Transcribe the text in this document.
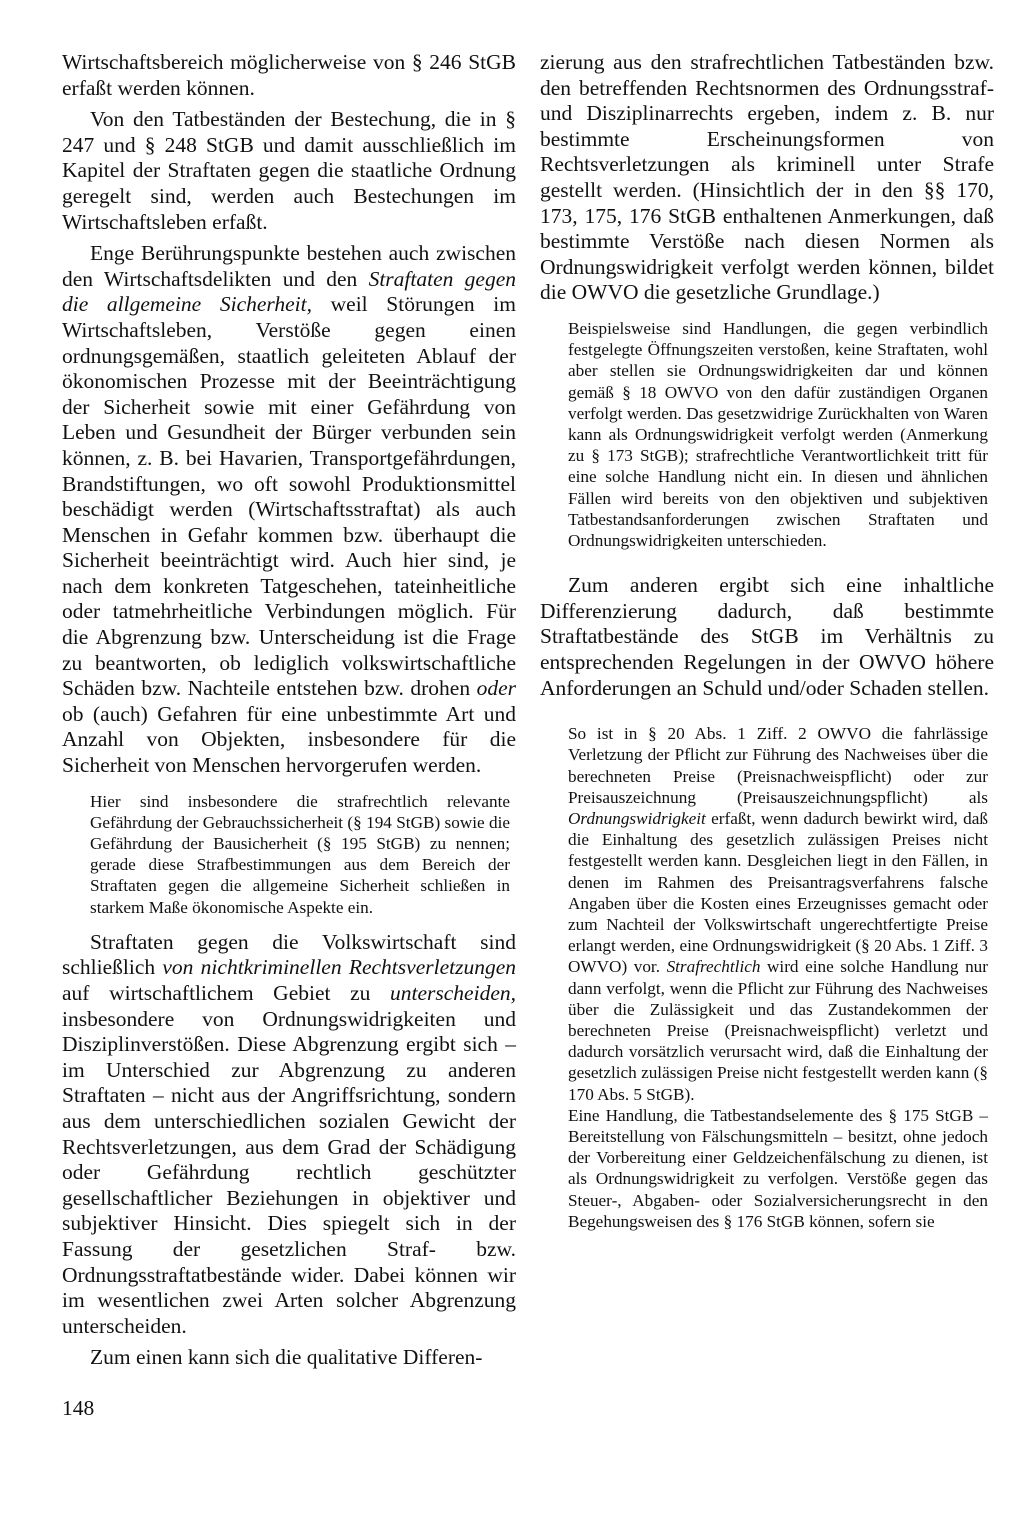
Wirtschaftsbereich möglicherweise von § 246 StGB erfaßt werden können.

Von den Tatbeständen der Bestechung, die in § 247 und § 248 StGB und damit ausschließlich im Kapitel der Straftaten gegen die staatliche Ordnung geregelt sind, werden auch Bestechungen im Wirtschaftsleben erfaßt.

Enge Berührungspunkte bestehen auch zwischen den Wirtschaftsdelikten und den Straftaten gegen die allgemeine Sicherheit, weil Störungen im Wirtschaftsleben, Verstöße gegen einen ordnungsgemäßen, staatlich geleiteten Ablauf der ökonomischen Prozesse mit der Beeinträchtigung der Sicherheit sowie mit einer Gefährdung von Leben und Gesundheit der Bürger verbunden sein können, z. B. bei Havarien, Transportgefährdungen, Brandstiftungen, wo oft sowohl Produktionsmittel beschädigt werden (Wirtschaftsstraftat) als auch Menschen in Gefahr kommen bzw. überhaupt die Sicherheit beeinträchtigt wird. Auch hier sind, je nach dem konkreten Tatgeschehen, tateinheitliche oder tatmehrheitliche Verbindungen möglich. Für die Abgrenzung bzw. Unterscheidung ist die Frage zu beantworten, ob lediglich volkswirtschaftliche Schäden bzw. Nachteile entstehen bzw. drohen oder ob (auch) Gefahren für eine unbestimmte Art und Anzahl von Objekten, insbesondere für die Sicherheit von Menschen hervorgerufen werden.

Hier sind insbesondere die strafrechtlich relevante Gefährdung der Gebrauchssicherheit (§ 194 StGB) sowie die Gefährdung der Bausicherheit (§ 195 StGB) zu nennen; gerade diese Strafbestimmungen aus dem Bereich der Straftaten gegen die allgemeine Sicherheit schließen in starkem Maße ökonomische Aspekte ein.

Straftaten gegen die Volkswirtschaft sind schließlich von nichtkriminellen Rechtsverletzungen auf wirtschaftlichem Gebiet zu unterscheiden, insbesondere von Ordnungswidrigkeiten und Disziplinverstößen. Diese Abgrenzung ergibt sich – im Unterschied zur Abgrenzung zu anderen Straftaten – nicht aus der Angriffsrichtung, sondern aus dem unterschiedlichen sozialen Gewicht der Rechtsverletzungen, aus dem Grad der Schädigung oder Gefährdung rechtlich geschützter gesellschaftlicher Beziehungen in objektiver und subjektiver Hinsicht. Dies spiegelt sich in der Fassung der gesetzlichen Straf- bzw. Ordnungsstraftatbestände wider. Dabei können wir im wesentlichen zwei Arten solcher Abgrenzung unterscheiden.

Zum einen kann sich die qualitative Differen-

zierung aus den strafrechtlichen Tatbeständen bzw. den betreffenden Rechtsnormen des Ordnungsstraf- und Disziplinarrechts ergeben, indem z. B. nur bestimmte Erscheinungsformen von Rechtsverletzungen als kriminell unter Strafe gestellt werden. (Hinsichtlich der in den §§ 170, 173, 175, 176 StGB enthaltenen Anmerkungen, daß bestimmte Verstöße nach diesen Normen als Ordnungswidrigkeit verfolgt werden können, bildet die OWVO die gesetzliche Grundlage.)

Beispielsweise sind Handlungen, die gegen verbindlich festgelegte Öffnungszeiten verstoßen, keine Straftaten, wohl aber stellen sie Ordnungswidrigkeiten dar und können gemäß § 18 OWVO von den dafür zuständigen Organen verfolgt werden. Das gesetzwidrige Zurückhalten von Waren kann als Ordnungswidrigkeit verfolgt werden (Anmerkung zu § 173 StGB); strafrechtliche Verantwortlichkeit tritt für eine solche Handlung nicht ein. In diesen und ähnlichen Fällen wird bereits von den objektiven und subjektiven Tatbestandsanforderungen zwischen Straftaten und Ordnungswidrigkeiten unterschieden.

Zum anderen ergibt sich eine inhaltliche Differenzierung dadurch, daß bestimmte Straftatbestände des StGB im Verhältnis zu entsprechenden Regelungen in der OWVO höhere Anforderungen an Schuld und/oder Schaden stellen.

So ist in § 20 Abs. 1 Ziff. 2 OWVO die fahrlässige Verletzung der Pflicht zur Führung des Nachweises über die berechneten Preise (Preisnachweispflicht) oder zur Preisauszeichnung (Preisauszeichnungspflicht) als Ordnungswidrigkeit erfaßt, wenn dadurch bewirkt wird, daß die Einhaltung des gesetzlich zulässigen Preises nicht festgestellt werden kann. Desgleichen liegt in den Fällen, in denen im Rahmen des Preisantragsverfahrens falsche Angaben über die Kosten eines Erzeugnisses gemacht oder zum Nachteil der Volkswirtschaft ungerechtfertigte Preise erlangt werden, eine Ordnungswidrigkeit (§ 20 Abs. 1 Ziff. 3 OWVO) vor. Strafrechtlich wird eine solche Handlung nur dann verfolgt, wenn die Pflicht zur Führung des Nachweises über die Zulässigkeit und das Zustandekommen der berechneten Preise (Preisnachweispflicht) verletzt und dadurch vorsätzlich verursacht wird, daß die Einhaltung der gesetzlich zulässigen Preise nicht festgestellt werden kann (§ 170 Abs. 5 StGB).

Eine Handlung, die Tatbestandselemente des § 175 StGB – Bereitstellung von Fälschungsmitteln – besitzt, ohne jedoch der Vorbereitung einer Geldzeichenfälschung zu dienen, ist als Ordnungswidrigkeit zu verfolgen. Verstöße gegen das Steuer-, Abgaben- oder Sozialversicherungsrecht in den Begehungsweisen des § 176 StGB können, sofern sie

148
